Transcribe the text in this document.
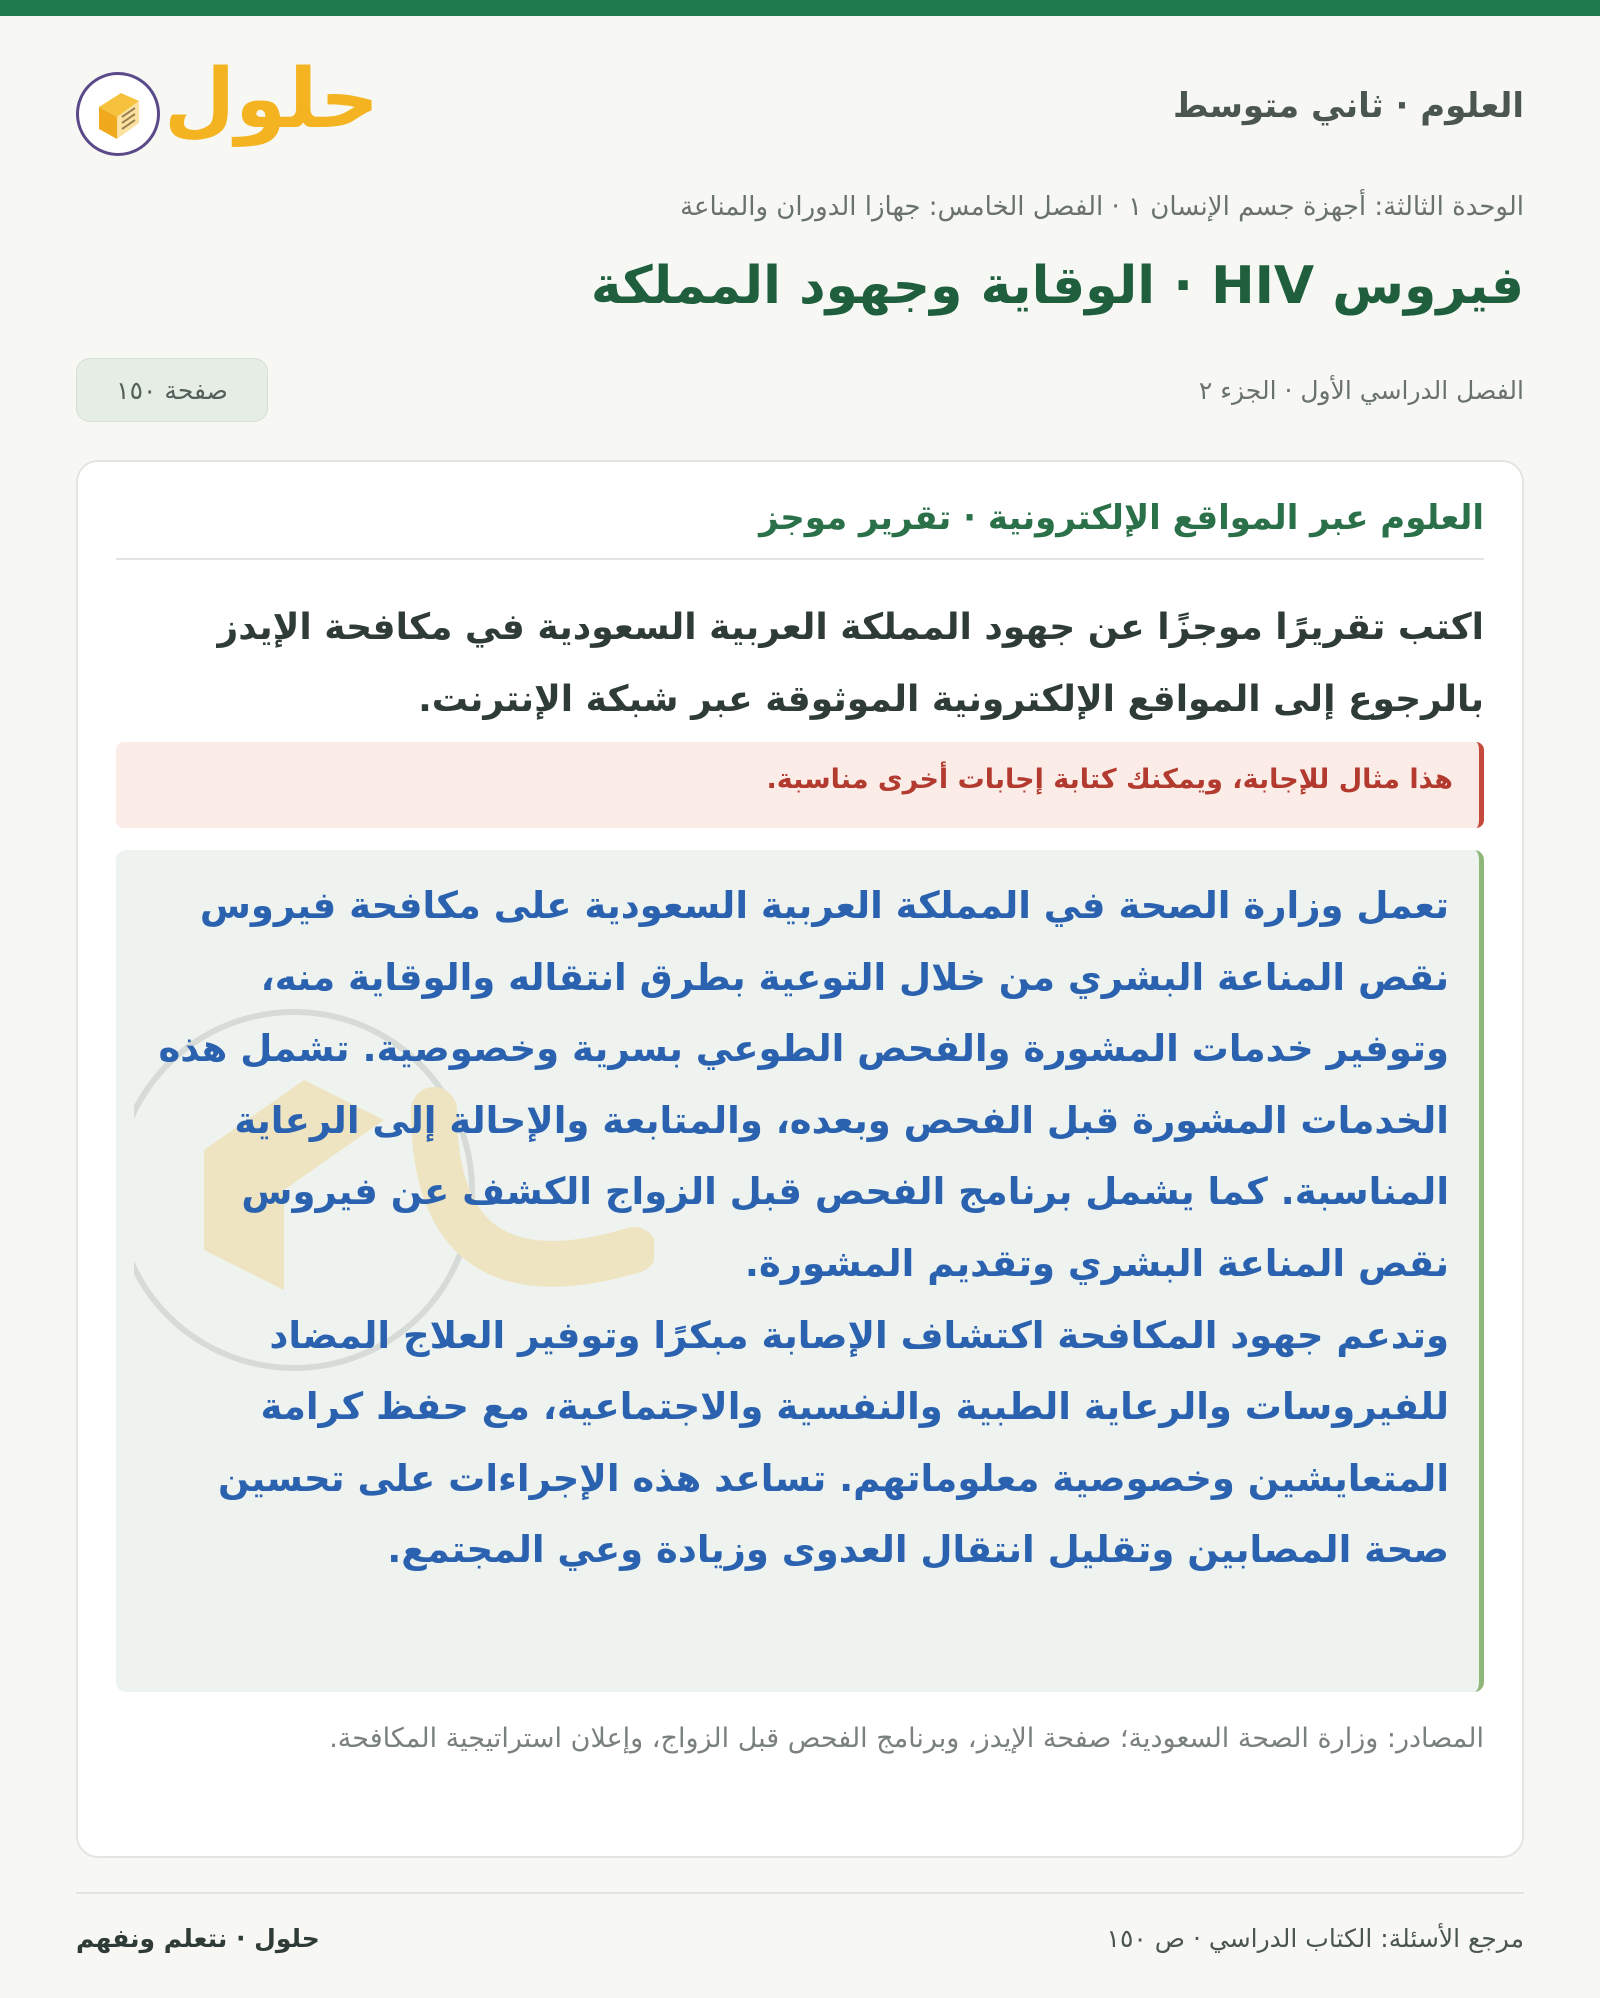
العلوم · ثاني متوسط
حلول
الوحدة الثالثة: أجهزة جسم الإنسان ١ · الفصل الخامس: جهازا الدوران والمناعة
فيروس HIV · الوقاية وجهود المملكة
الفصل الدراسي الأول · الجزء ٢
صفحة ١٥٠
العلوم عبر المواقع الإلكترونية · تقرير موجز
اكتب تقريرًا موجزًا عن جهود المملكة العربية السعودية في مكافحة الإيدز بالرجوع إلى المواقع الإلكترونية الموثوقة عبر شبكة الإنترنت.
هذا مثال للإجابة، ويمكنك كتابة إجابات أخرى مناسبة.

تعمل وزارة الصحة في المملكة العربية السعودية على مكافحة فيروس نقص المناعة البشري من خلال التوعية بطرق انتقاله والوقاية منه، وتوفير خدمات المشورة والفحص الطوعي بسرية وخصوصية. تشمل هذه الخدمات المشورة قبل الفحص وبعده، والمتابعة والإحالة إلى الرعاية المناسبة. كما يشمل برنامج الفحص قبل الزواج الكشف عن فيروس نقص المناعة البشري وتقديم المشورة.

وتدعم جهود المكافحة اكتشاف الإصابة مبكرًا وتوفير العلاج المضاد للفيروسات والرعاية الطبية والنفسية والاجتماعية، مع حفظ كرامة المتعايشين وخصوصية معلوماتهم. تساعد هذه الإجراءات على تحسين صحة المصابين وتقليل انتقال العدوى وزيادة وعي المجتمع.

المصادر: وزارة الصحة السعودية؛ صفحة الإيدز، وبرنامج الفحص قبل الزواج، وإعلان استراتيجية المكافحة.
مرجع الأسئلة: الكتاب الدراسي · ص ١٥٠
حلول · نتعلم ونفهم
